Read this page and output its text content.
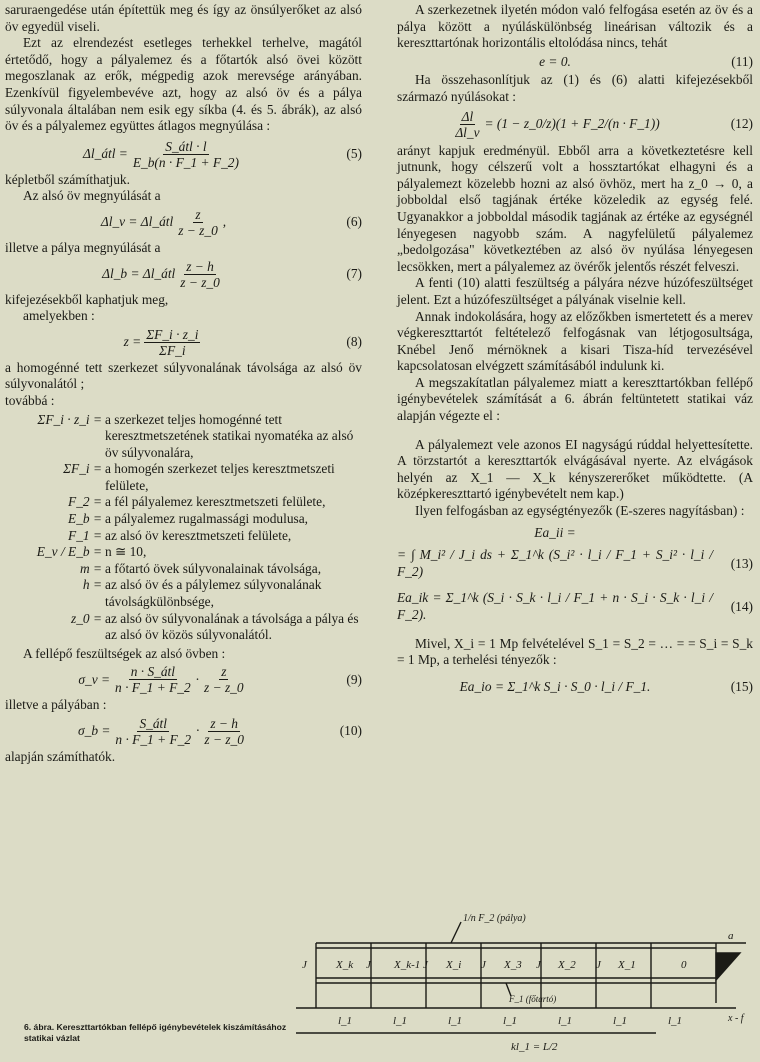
saruraengedése után építettük meg és így az önsúlyerőket az alsó öv egyedül viseli.

Ezt az elrendezést esetleges terhekkel terhelve, magától értetődő, hogy a pályalemez és a főtartók alsó övei között megoszlanak az erők, mégpedig azok merevsége arányában. Ezenkívül figyelembevéve azt, hogy az alsó öv és a pálya súlyvonala általában nem esik egy síkba (4. és 5. ábrák), az alsó öv és a pályalemez együttes átlagos megnyúlása :

Δl_átl = $\frac{\text{S\_átl · l}}{E\_b(n \cdot F\_1 + F\_2)}$	(5)

képletből számíthatjuk.

Az alsó öv megnyúlását a

Δl_v = Δl_átl $\frac{z}{z - z\_0}$ ,	(6)

illetve a pálya megnyúlását a

Δl_b = Δl_átl $\frac{z - h}{z - z\_0}$	(7)

kifejezésekből kaphatjuk meg,

amelyekben :

$z = \frac{\Sigma F\_i \cdot z\_i}{\Sigma F\_i}$	(8)

a homogénné tett szerkezet súlyvonalának távolsága az alsó öv súlyvonalától ;

továbbá :

ΣF_i · z_i = a szerkezet teljes homogénné tett keresztmetszetének statikai nyomatéka az alsó öv súlyvonalára,
ΣF_i = a homogén szerkezet teljes keresztmetszeti felülete,
F_2 = a fél pályalemez keresztmetszeti felülete,
E_b = a pályalemez rugalmassági modulusa,
F_1 = az alsó öv keresztmetszeti felülete,
E_v / E_b = n ≅ 10,
m = a főtartó övek súlyvonalainak távolsága,
h = az alsó öv és a pálylemez súlyvonalának távolságkülönbsége,
z_0 = az alsó öv súlyvonalának a távolsága a pálya és az alsó öv közös súlyvonalától.

A fellépő feszültségek az alsó övben :

σ_v = $\frac{\text{n · S\_átl}}{n \cdot F\_1 + F\_2} \cdot \frac{z}{z - z\_0}$	(9)

illetve a pályában :

σ_b = $\frac{\text{S\_átl}}{n \cdot F\_1 + F\_2} \cdot \frac{z - h}{z - z\_0}$	(10)

alapján számíthatók.

A szerkezetnek ilyetén módon való felfogása esetén az öv és a pálya között a nyúláskülönbség lineárisan változik és a kereszttartónak horizontális eltolódása nincs, tehát

e = 0.	(11)

Ha összehasonlítjuk az (1) és (6) alatti kifejezésekből származó nyúlásokat :

$\frac{\Delta l}{\Delta l\_v} = (1$ − z_0/z)(1 + F_2/(n · F_1))	(12)

arányt kapjuk eredményül. Ebből arra a következtetésre kell jutnunk, hogy célszerű volt a hossztartókat elhagyni és a pályalemezt közelebb hozni az alsó övhöz, mert ha z_0 → 0, a jobboldal első tagjának értéke közeledik az egység felé. Ugyanakkor a jobboldal második tagjának az értéke az egységnél lényegesen nagyobb szám. A nagyfelületű pályalemez „bedolgozása" következtében az alsó öv nyúlása lényegesen lecsökken, mert a pályalemez az övérők jelentős részét felveszi.

A fenti (10) alatti feszültség a pályára nézve húzófeszültséget jelent. Ezt a húzófeszültséget a pályának viselnie kell.

Annak indokolására, hogy az előzőkben ismertetett és a merev végkereszttartót feltételező felfogásnak van létjogosultsága, Knébel Jenő mérnöknek a kisari Tisza-híd tervezésével kapcsolatosan elvégzett számításából indulunk ki.

A megszakítatlan pályalemez miatt a kereszttartókban fellépő igénybevételek számítását a 6. ábrán feltüntetett statikai váz alapján végezte el :

A pályalemezt vele azonos EI nagyságú rúddal helyettesítette. A törzstartót a kereszttartók elvágásával nyerte. Az elvágások helyén az X_1 — X_k kényszererőket működtette. (A középkereszttartó igénybevételt nem kap.)

Ilyen felfogásban az egységtényezők (E-szeres nagyításban) :

Ea_ii =
= ∫ M_i² / J_i ds + Σ_1^k (S_i² · l_i / F_1 + S_i² · l_i / F_2)
(13)
Ea_ik = Σ_1^k (S_i · S_k · l_i / F_1 + n · S_i · S_k · l_i / F_2).
(14)

Mivel, X_i = 1 Mp felvételével S_1 = S_2 = … = = S_i = S_k = 1 Mp, a terhelési tényezők :

Ea_io = Σ_1^k S_i · S_0 · l_i / F_1.	(15)
J	X_k J X_k-1 J X_i J X_3 J X_2 J X_1	0
l_1	l_1	l_1	l_1	l_1	l_1	l_1
1/n F_2 (pálya)
F_1 (főtartó)
kl_1 = L/2
a
x - f
6. ábra. Kereszttartókban fellépő igénybevételek kiszámításához statikai vázlat
